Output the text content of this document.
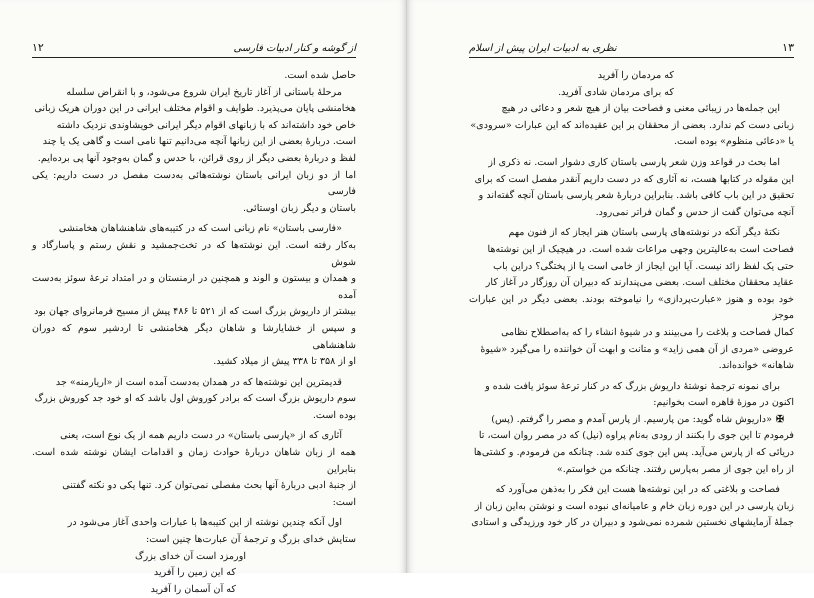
از گوشه و کنار ادبیات فارسی
۱۲

حاصل شده است.

مرحلهٔ باستانی از آغاز تاریخ ایران شروع می‌شود، و با انقراض سلسله

هخامنشی پایان می‌پذیرد. طوایف و اقوام مختلف ایرانی در این دوران هریک زبانی

خاص خود داشته‌اند که با زبانهای اقوام دیگر ایرانی خویشاوندی نزدیک داشته

است. دربارهٔ بعضی از این زبانها آنچه می‌دانیم تنها نامی است و گاهی یک یا چند

لفظ و دربارهٔ بعضی دیگر از روی قرائن، با حدس و گمان به‌وجود آنها پی برده‌ایم.

اما از دو زبان ایرانی باستان نوشته‌هائی به‌دست مفصل در دست داریم: یکی فارسی

باستان و دیگر زبان اوستائی.

«فارسی باستان» نام زبانی است که در کتیبه‌های شاهنشاهان هخامنشی

به‌کار رفته است. این نوشته‌ها که در تخت‌جمشید و نقش رستم و پاسارگاد و شوش

و همدان و بیستون و الوند و همچنین در ارمنستان و در امتداد ترعهٔ سوئز به‌دست آمده

بیشتر از داریوش بزرگ است که از ۵۲۱ تا ۴۸۶ پیش از مسیح فرمانروای جهان بود

و سپس از خشایارشا و شاهان دیگر هخامنشی تا اردشیر سوم که دوران شاهنشاهی

او از ۳۵۸ تا ۳۳۸ پیش از میلاد کشید.

قدیمترین این نوشته‌ها که در همدان به‌دست آمده است از «اریارمنه» جد

سوم داریوش بزرگ است که برادر کوروش اول باشد که او خود جد کوروش بزرگ

بوده است.

آثاری که از «پارسی باستان» در دست داریم همه از یک نوع است، یعنی

همه از زبان شاهان دربارهٔ حوادث زمان و اقدامات ایشان نوشته شده است. بنابراین

از جنبهٔ ادبی دربارهٔ آنها بحث مفصلی نمی‌توان کرد. تنها یکی دو نکته گفتنی

است:

اول آنکه چندین نوشته از این کتیبه‌ها با عبارات واحدی آغاز می‌شود در

ستایش خدای بزرگ و ترجمهٔ آن عبارت‌ها چنین است:

اورمزد است آن خدای بزرگ

که این زمین را آفرید

که آن آسمان را آفرید

۱۳
نظری به ادبیات ایران پیش از اسلام

که مردمان را آفرید

که برای مردمان شادی آفرید.

این جمله‌ها در زیبائی معنی و فصاحت بیان از هیچ شعر و دعائی در هیچ

زبانی دست کم ندارد. بعضی از محققان بر این عقیده‌اند که این عبارات «سرودی»

یا «دعائی منظوم» بوده است.

اما بحث در قواعد وزن شعر پارسی باستان کاری دشوار است. نه ذکری از

این مقوله در کتابها هست، نه آثاری که در دست داریم آنقدر مفصل است که برای

تحقیق در این باب کافی باشد. بنابراین دربارهٔ شعر پارسی باستان آنچه گفته‌اند و

آنچه می‌توان گفت از حدس و گمان فراتر نمی‌رود.

نکتهٔ دیگر آنکه در نوشته‌های پارسی باستان هنر ایجاز که از فنون مهم

فصاحت است به‌عالیترین وجهی مراعات شده است. در هیچیک از این نوشته‌ها

حتی یک لفظ زائد نیست. آیا این ایجاز از خامی است یا از پختگی؟ دراین باب

عقاید محققان مختلف است. بعضی می‌پندارند که دبیران آن روزگار در آغاز کار

خود بوده و هنوز «عبارت‌پردازی» را نیاموخته بودند. بعضی دیگر در این عبارات موجز

کمال فصاحت و بلاغت را می‌بینند و در شیوهٔ انشاء را که به‌اصطلاح نظامی

عروضی «مردی از آن همی زاید» و متانت و ابهت آن خواننده را می‌گیرد «شیوهٔ

شاهانه» خوانده‌اند.

برای نمونه ترجمهٔ نوشتهٔ داریوش بزرگ که در کنار ترعهٔ سوئز یافت شده و

اکنون در موزهٔ قاهره است بخوانیم:

✠
«داریوش شاه گوید: من پارسیم. از پارس آمدم و مصر را گرفتم. (پس)

فرمودم تا این جوی را بکنند از رودی به‌نام پراوه (نیل) که در مصر روان است، تا

دریائی که از پارس می‌آید. پس این جوی کنده شد. چنانکه من فرمودم. و کشتی‌ها

از راه این جوی از مصر به‌پارس رفتند. چنانکه من خواستم.»

فصاحت و بلاغتی که در این نوشته‌ها هست این فکر را به‌ذهن می‌آورد که

زبان پارسی در این دوره زبان خام و عامیانه‌ای نبوده است و نوشتن به‌این زبان از

جملهٔ آزمایشهای نخستین شمرده نمی‌شود و دبیران در کار خود ورزیدگی و استادی
